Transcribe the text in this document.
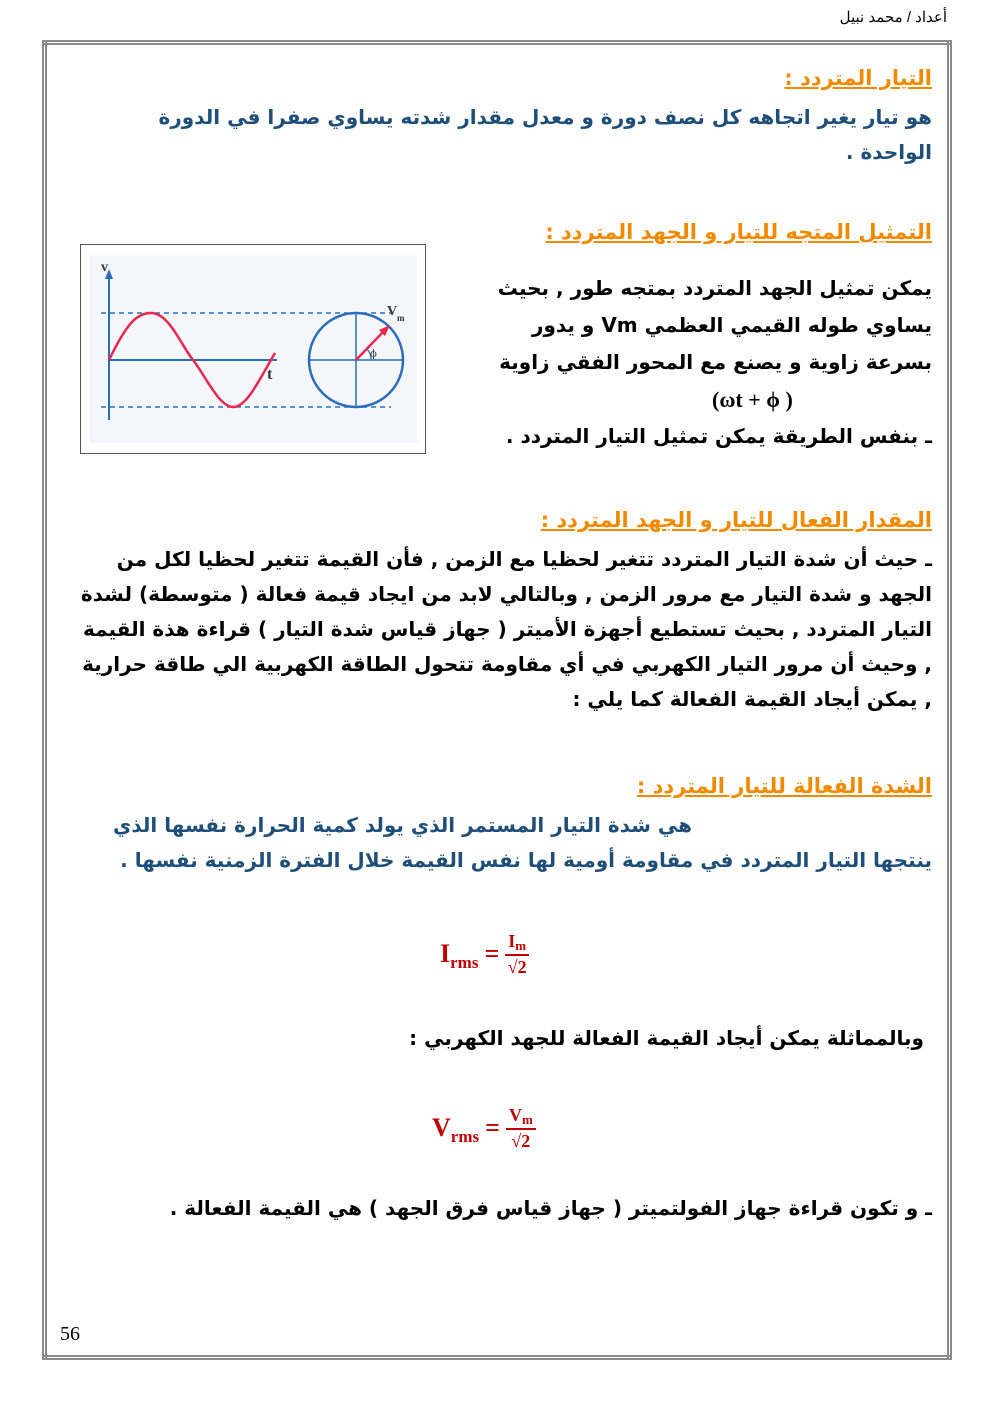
أعداد / محمد نبيل
التيار المتردد :
هو تيار يغير اتجاهه كل نصف دورة و معدل مقدار شدته يساوي صفرا في الدورة الواحدة .
التمثيل المتجه للتيار و الجهد المتردد :
v
t
V m
ϕ
يمكن تمثيل الجهد المتردد بمتجه طور , بحيث
يساوي طوله القيمي العظمي Vm و يدور
بسرعة زاوية و يصنع مع المحور الفقي زاوية
(ωt + ϕ )
ـ بنفس الطريقة يمكن تمثيل التيار المتردد .
المقدار الفعال للتيار و الجهد المتردد :
ـ حيث أن شدة التيار المتردد تتغير لحظيا مع الزمن , فأن القيمة تتغير لحظيا لكل من الجهد و شدة التيار مع مرور الزمن , وبالتالي لابد من ايجاد قيمة فعالة ( متوسطة) لشدة التيار المتردد , بحيث تستطيع أجهزة الأميتر ( جهاز قياس شدة التيار ) قراءة هذة القيمة , وحيث أن مرور التيار الكهربي في أي مقاومة تتحول الطاقة الكهربية الي طاقة حرارية , يمكن أيجاد القيمة الفعالة كما يلي :
الشدة الفعالة للتيار المتردد :
هي شدة التيار المستمر الذي يولد كمية الحرارة نفسها الذي
ينتجها التيار المتردد في مقاومة أومية لها نفس القيمة خلال الفترة الزمنية نفسها .
$I_{rms} = \frac{Im}{√2}$
وبالمماثلة يمكن أيجاد القيمة الفعالة للجهد الكهربي :
$V_{rms} = \frac{Vm}{√2}$
ـ و تكون قراءة جهاز الفولتميتر ( جهاز قياس فرق الجهد ) هي القيمة الفعالة .
56
